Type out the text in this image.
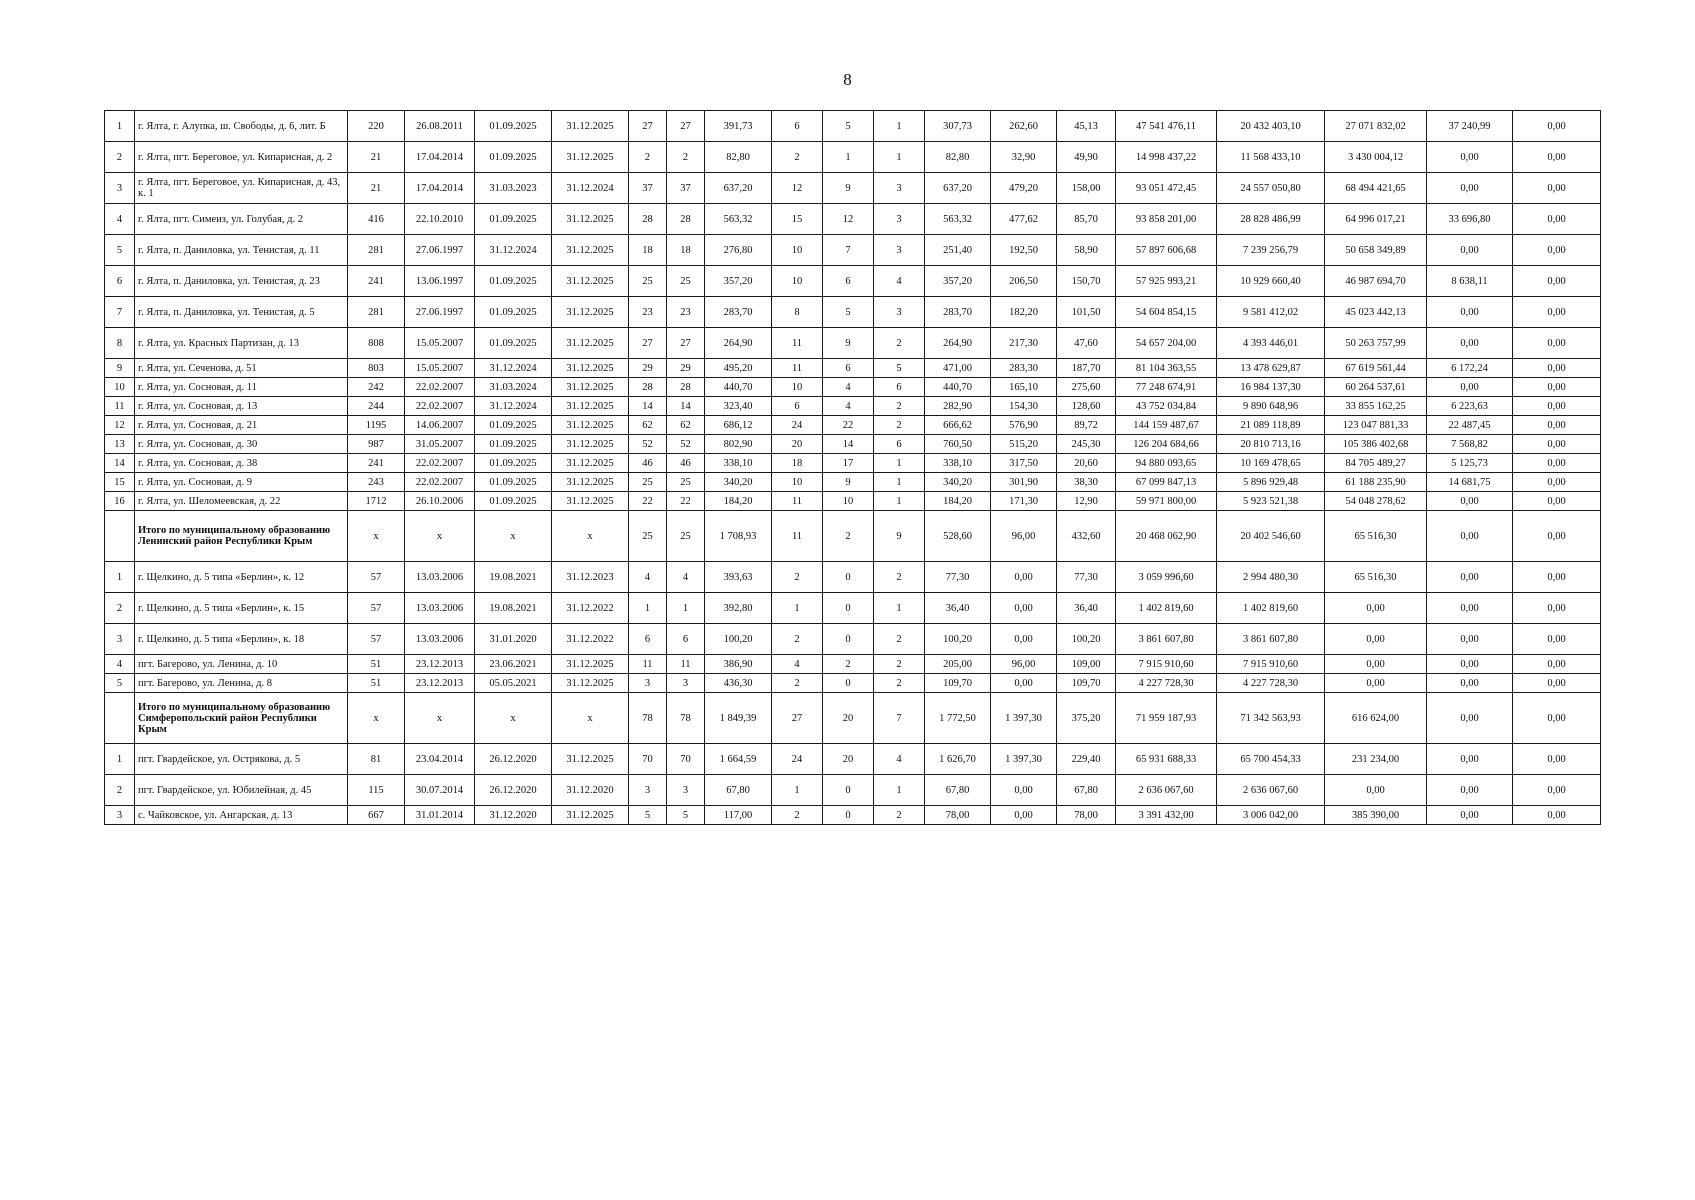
8
1	г. Ялта, г. Алупка, ш. Свободы, д. 6, лит. Б	220	26.08.2011	01.09.2025	31.12.2025	27	27	391,73	6	5	1	307,73	262,60	45,13	47 541 476,11	20 432 403,10	27 071 832,02	37 240,99	0,00
2	г. Ялта, пгт. Береговое, ул. Кипарисная, д. 2	21	17.04.2014	01.09.2025	31.12.2025	2	2	82,80	2	1	1	82,80	32,90	49,90	14 998 437,22	11 568 433,10	3 430 004,12	0,00	0,00
3	г. Ялта, пгт. Береговое, ул. Кипарисная, д. 43, к. 1	21	17.04.2014	31.03.2023	31.12.2024	37	37	637,20	12	9	3	637,20	479,20	158,00	93 051 472,45	24 557 050,80	68 494 421,65	0,00	0,00
4	г. Ялта, пгт. Симеиз, ул. Голубая, д. 2	416	22.10.2010	01.09.2025	31.12.2025	28	28	563,32	15	12	3	563,32	477,62	85,70	93 858 201,00	28 828 486,99	64 996 017,21	33 696,80	0,00
5	г. Ялта, п. Даниловка, ул. Тенистая, д. 11	281	27.06.1997	31.12.2024	31.12.2025	18	18	276,80	10	7	3	251,40	192,50	58,90	57 897 606,68	7 239 256,79	50 658 349,89	0,00	0,00
6	г. Ялта, п. Даниловка, ул. Тенистая, д. 23	241	13.06.1997	01.09.2025	31.12.2025	25	25	357,20	10	6	4	357,20	206,50	150,70	57 925 993,21	10 929 660,40	46 987 694,70	8 638,11	0,00
7	г. Ялта, п. Даниловка, ул. Тенистая, д. 5	281	27.06.1997	01.09.2025	31.12.2025	23	23	283,70	8	5	3	283,70	182,20	101,50	54 604 854,15	9 581 412,02	45 023 442,13	0,00	0,00
8	г. Ялта, ул. Красных Партизан, д. 13	808	15.05.2007	01.09.2025	31.12.2025	27	27	264,90	11	9	2	264,90	217,30	47,60	54 657 204,00	4 393 446,01	50 263 757,99	0,00	0,00
9	г. Ялта, ул. Сеченова, д. 51	803	15.05.2007	31.12.2024	31.12.2025	29	29	495,20	11	6	5	471,00	283,30	187,70	81 104 363,55	13 478 629,87	67 619 561,44	6 172,24	0,00
10	г. Ялта, ул. Сосновая, д. 11	242	22.02.2007	31.03.2024	31.12.2025	28	28	440,70	10	4	6	440,70	165,10	275,60	77 248 674,91	16 984 137,30	60 264 537,61	0,00	0,00
11	г. Ялта, ул. Сосновая, д. 13	244	22.02.2007	31.12.2024	31.12.2025	14	14	323,40	6	4	2	282,90	154,30	128,60	43 752 034,84	9 890 648,96	33 855 162,25	6 223,63	0,00
12	г. Ялта, ул. Сосновая, д. 21	1195	14.06.2007	01.09.2025	31.12.2025	62	62	686,12	24	22	2	666,62	576,90	89,72	144 159 487,67	21 089 118,89	123 047 881,33	22 487,45	0,00
13	г. Ялта, ул. Сосновая, д. 30	987	31.05.2007	01.09.2025	31.12.2025	52	52	802,90	20	14	6	760,50	515,20	245,30	126 204 684,66	20 810 713,16	105 386 402,68	7 568,82	0,00
14	г. Ялта, ул. Сосновая, д. 38	241	22.02.2007	01.09.2025	31.12.2025	46	46	338,10	18	17	1	338,10	317,50	20,60	94 880 093,65	10 169 478,65	84 705 489,27	5 125,73	0,00
15	г. Ялта, ул. Сосновая, д. 9	243	22.02.2007	01.09.2025	31.12.2025	25	25	340,20	10	9	1	340,20	301,90	38,30	67 099 847,13	5 896 929,48	61 188 235,90	14 681,75	0,00
16	г. Ялта, ул. Шеломеевская, д. 22	1712	26.10.2006	01.09.2025	31.12.2025	22	22	184,20	11	10	1	184,20	171,30	12,90	59 971 800,00	5 923 521,38	54 048 278,62	0,00	0,00
	Итого по муниципальному образованию Ленинский район Республики Крым	x	x	x	x	25	25	1 708,93	11	2	9	528,60	96,00	432,60	20 468 062,90	20 402 546,60	65 516,30	0,00	0,00
1	г. Щелкино, д. 5 типа «Берлин», к. 12	57	13.03.2006	19.08.2021	31.12.2023	4	4	393,63	2	0	2	77,30	0,00	77,30	3 059 996,60	2 994 480,30	65 516,30	0,00	0,00
2	г. Щелкино, д. 5 типа «Берлин», к. 15	57	13.03.2006	19.08.2021	31.12.2022	1	1	392,80	1	0	1	36,40	0,00	36,40	1 402 819,60	1 402 819,60	0,00	0,00	0,00
3	г. Щелкино, д. 5 типа «Берлин», к. 18	57	13.03.2006	31.01.2020	31.12.2022	6	6	100,20	2	0	2	100,20	0,00	100,20	3 861 607,80	3 861 607,80	0,00	0,00	0,00
4	пгт. Багерово, ул. Ленина, д. 10	51	23.12.2013	23.06.2021	31.12.2025	11	11	386,90	4	2	2	205,00	96,00	109,00	7 915 910,60	7 915 910,60	0,00	0,00	0,00
5	пгт. Багерово, ул. Ленина, д. 8	51	23.12.2013	05.05.2021	31.12.2025	3	3	436,30	2	0	2	109,70	0,00	109,70	4 227 728,30	4 227 728,30	0,00	0,00	0,00
	Итого по муниципальному образованию Симферопольский район Республики Крым	x	x	x	x	78	78	1 849,39	27	20	7	1 772,50	1 397,30	375,20	71 959 187,93	71 342 563,93	616 624,00	0,00	0,00
1	пгт. Гвардейское, ул. Острякова, д. 5	81	23.04.2014	26.12.2020	31.12.2025	70	70	1 664,59	24	20	4	1 626,70	1 397,30	229,40	65 931 688,33	65 700 454,33	231 234,00	0,00	0,00
2	пгт. Гвардейское, ул. Юбилейная, д. 45	115	30.07.2014	26.12.2020	31.12.2020	3	3	67,80	1	0	1	67,80	0,00	67,80	2 636 067,60	2 636 067,60	0,00	0,00	0,00
3	с. Чайковское, ул. Ангарская, д. 13	667	31.01.2014	31.12.2020	31.12.2025	5	5	117,00	2	0	2	78,00	0,00	78,00	3 391 432,00	3 006 042,00	385 390,00	0,00	0,00
